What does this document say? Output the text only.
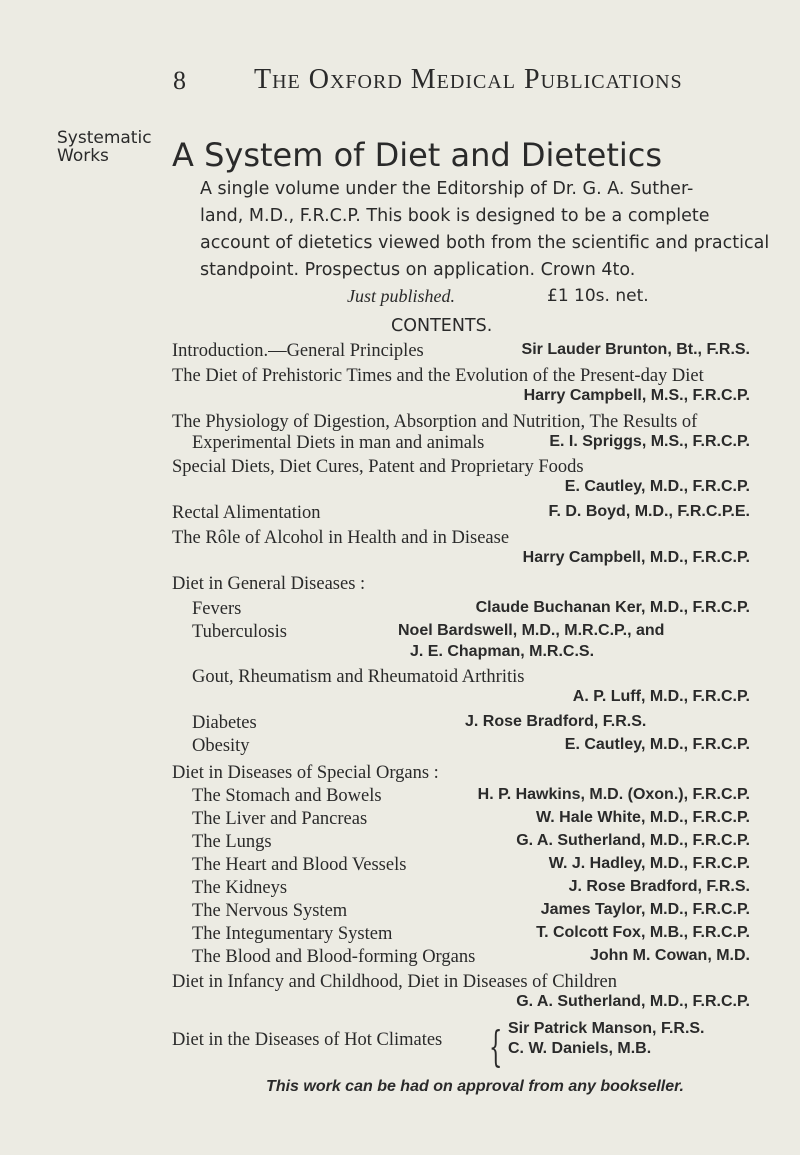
8 The Oxford Medical Publications
Systematic
Works A System of Diet and Dietetics
A single volume under the Editorship of Dr. G. A. Suther-
land, M.D., F.R.C.P. This book is designed to be a complete
account of dietetics viewed both from the scientific and practical
standpoint. Prospectus on application. Crown 4to.
Just published.	£1 10s. net.
CONTENTS.
Introduction.—General Principles	Sir Lauder Brunton, Bt., F.R.S.
The Diet of Prehistoric Times and the Evolution of the Present-day Diet
Harry Campbell, M.S., F.R.C.P.
The Physiology of Digestion, Absorption and Nutrition, The Results of
Experimental Diets in man and animals	E. I. Spriggs, M.S., F.R.C.P.
Special Diets, Diet Cures, Patent and Proprietary Foods
E. Cautley, M.D., F.R.C.P.
Rectal Alimentation	F. D. Boyd, M.D., F.R.C.P.E.
The Rôle of Alcohol in Health and in Disease
Harry Campbell, M.D., F.R.C.P.
Diet in General Diseases :
Fevers	Claude Buchanan Ker, M.D., F.R.C.P.
Tuberculosis	Noel Bardswell, M.D., M.R.C.P., and
J. E. Chapman, M.R.C.S.
Gout, Rheumatism and Rheumatoid Arthritis
A. P. Luff, M.D., F.R.C.P.
Diabetes	J. Rose Bradford, F.R.S.
Obesity	E. Cautley, M.D., F.R.C.P.
Diet in Diseases of Special Organs :
The Stomach and Bowels	H. P. Hawkins, M.D. (Oxon.), F.R.C.P.
The Liver and Pancreas	W. Hale White, M.D., F.R.C.P.
The Lungs	G. A. Sutherland, M.D., F.R.C.P.
The Heart and Blood Vessels	W. J. Hadley, M.D., F.R.C.P.
The Kidneys	J. Rose Bradford, F.R.S.
The Nervous System	James Taylor, M.D., F.R.C.P.
The Integumentary System	T. Colcott Fox, M.B., F.R.C.P.
The Blood and Blood-forming Organs	John M. Cowan, M.D.
Diet in Infancy and Childhood, Diet in Diseases of Children
G. A. Sutherland, M.D., F.R.C.P.
Diet in the Diseases of Hot Climates { Sir Patrick Manson, F.R.S.
C. W. Daniels, M.B.
This work can be had on approval from any bookseller.
